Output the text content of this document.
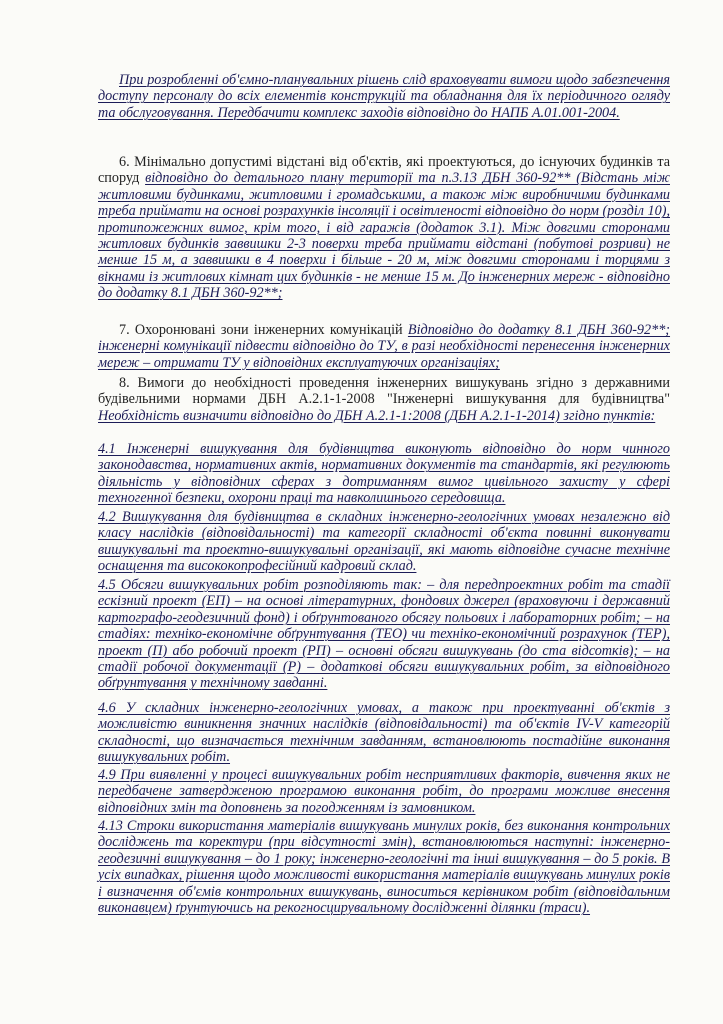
При розробленні об'ємно-планувальних рішень слід враховувати вимоги щодо забезпечення доступу персоналу до всіх елементів конструкцій та обладнання для їх періодичного огляду та обслуговування. Передбачити комплекс заходів відповідно до НАПБ А.01.001-2004.
6. Мінімально допустимі відстані від об'єктів, які проектуються, до існуючих будинків та споруд відповідно до детального плану території та п.3.13 ДБН 360-92** (Відстань між житловими будинками, житловими і громадськими, а також між виробничими будинками треба приймати на основі розрахунків інсоляції і освітленості відповідно до норм (розділ 10), протипожежних вимог, крім того, і від гаражів (додаток 3.1). Між довгими сторонами житлових будинків заввишки 2-3 поверхи треба приймати відстані (побутові розриви) не менше 15 м, а заввишки в 4 поверхи і більше - 20 м, між довгими сторонами і торцями з вікнами із житлових кімнат цих будинків - не менше 15 м. До інженерних мереж - відповідно до додатку 8.1 ДБН 360-92**;
7. Охоронювані зони інженерних комунікацій Відповідно до додатку 8.1 ДБН 360-92**; інженерні комунікації підвести відповідно до ТУ, в разі необхідності перенесення інженерних мереж – отримати ТУ у відповідних експлуатуючих організаціях;
8. Вимоги до необхідності проведення інженерних вишукувань згідно з державними будівельними нормами ДБН А.2.1-1-2008 "Інженерні вишукування для будівництва" Необхідність визначити відповідно до ДБН А.2.1-1:2008 (ДБН А.2.1-1-2014) згідно пунктів:
4.1 Інженерні вишукування для будівництва виконують відповідно до норм чинного законодавства, нормативних актів, нормативних документів та стандартів, які регулюють діяльність у відповідних сферах з дотриманням вимог цивільного захисту у сфері техногенної безпеки, охорони праці та навколишнього середовища.
4.2 Вишукування для будівництва в складних інженерно-геологічних умовах незалежно від класу наслідків (відповідальності) та категорії складності об'єкта повинні виконувати вишукувальні та проектно-вишукувальні організації, які мають відповідне сучасне технічне оснащення та висококопрофесійний кадровий склад.
4.5 Обсяги вишукувальних робіт розподіляють так: – для передпроектних робіт та стадії ескізний проект (ЕП) – на основі літературних, фондових джерел (враховуючи і державний картографо-геодезичний фонд) і обґрунтованого обсягу польових і лабораторних робіт; – на стадіях: техніко-економічне обґрунтування (ТЕО) чи техніко-економічний розрахунок (ТЕР), проект (П) або робочий проект (РП) – основні обсяги вишукувань (до ста відсотків); – на стадії робочої документації (Р) – додаткові обсяги вишукувальних робіт, за відповідного обґрунтування у технічному завданні.
4.6 У складних інженерно-геологічних умовах, а також при проектуванні об'єктів з можливістю виникнення значних наслідків (відповідальності) та об'єктів IV-V категорій складності, що визначається технічним завданням, встановлюють постадійне виконання вишукувальних робіт.
4.9 При виявленні у процесі вишукувальних робіт несприятливих факторів, вивчення яких не передбачене затвердженою програмою виконання робіт, до програми можливе внесення відповідних змін та доповнень за погодженням із замовником.
4.13 Строки використання матеріалів вишукувань минулих років, без виконання контрольних досліджень та коректури (при відсутності змін), встановлюються наступні: інженерно-геодезичні вишукування – до 1 року; інженерно-геологічні та інші вишукування – до 5 років. В усіх випадках, рішення щодо можливості використання матеріалів вишукувань минулих років і визначення об'ємів контрольних вишукувань, виноситься керівником робіт (відповідальним виконавцем) ґрунтуючись на рекогносцирувальному дослідженні ділянки (траси).
